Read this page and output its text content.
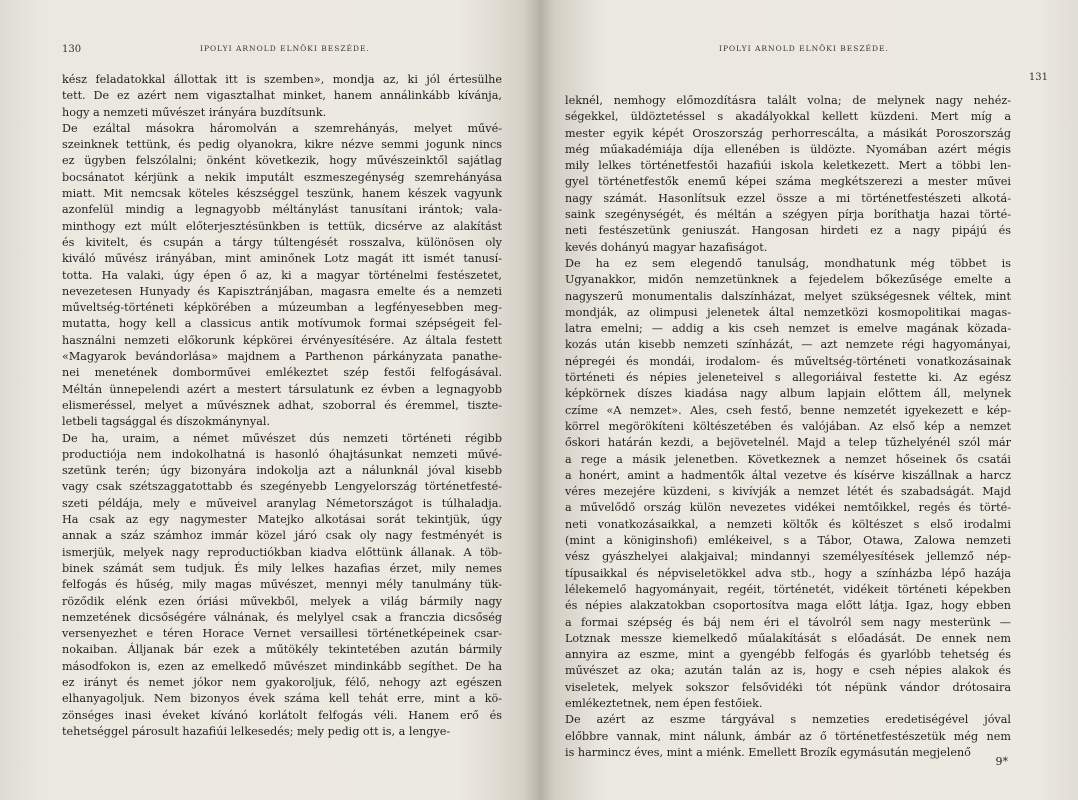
130	IPOLYI ARNOLD ELNÖKI BESZÉDE.
kész feladatokkal állottak itt is szemben», mondja az, ki jól értesülhe
tett. De ez azért nem vigasztalhat minket, hanem annálinkább kívánja,
hogy a nemzeti művészet irányára buzdítsunk.
De ezáltal másokra háromolván a szemrehányás, melyet művé-
szeinknek tettünk, és pedig olyanokra, kikre nézve semmi jogunk nincs
ez ügyben felszólalni; önként következik, hogy művészeinktől sajátlag
bocsánatot kérjünk a nekik imputált eszmeszegénység szemrehányása
miatt. Mit nemcsak köteles készséggel teszünk, hanem készek vagyunk
azonfelül mindig a legnagyobb méltánylást tanusítani irántok; vala-
minthogy ezt múlt előterjesztésünkben is tettük, dicsérve az alakítást
és kivitelt, és csupán a tárgy túltengését rosszalva, különösen oly
kiváló művész irányában, mint aminőnek Lotz magát itt ismét tanusí-
totta. Ha valaki, úgy épen ő az, ki a magyar történelmi festészetet,
nevezetesen Hunyady és Kapisztránjában, magasra emelte és a nemzeti
műveltség-történeti képkörében a múzeumban a legfényesebben meg-
mutatta, hogy kell a classicus antik motívumok formai szépségeit fel-
használni nemzeti előkorunk képkörei érvényesítésére. Az általa festett
«Magyarok bevándorlása» majdnem a Parthenon párkányzata panathe-
nei menetének domborművei emlékeztet szép festői felfogásával.
Méltán ünnepelendi azért a mestert társulatunk ez évben a legnagyobb
elismeréssel, melyet a művésznek adhat, szoborral és éremmel, tiszte-
letbeli tagsággal és díszokmánynyal.
De ha, uraim, a német művészet dús nemzeti történeti régibb
productiója nem indokolhatná is hasonló óhajtásunkat nemzeti művé-
szetünk terén; úgy bizonyára indokolja azt a nálunknál jóval kisebb
vagy csak szétszaggatottabb és szegényebb Lengyelország történetfesté-
szeti példája, mely e műveivel aranylag Németországot is túlhaladja.
Ha csak az egy nagymester Matejko alkotásai sorát tekintjük, úgy
annak a száz számhoz immár közel járó csak oly nagy festményét is
ismerjük, melyek nagy reproductiókban kiadva előttünk állanak. A töb-
binek számát sem tudjuk. És mily lelkes hazafias érzet, mily nemes
felfogás és hűség, mily magas művészet, mennyi mély tanulmány tük-
röződik elénk ezen óriási művekből, melyek a világ bármily nagy
nemzetének dicsőségére válnának, és melylyel csak a franczia dicsőség
versenyezhet e téren Horace Vernet versaillesi történetképeinek csar-
nokaiban. Álljanak bár ezek a műtökély tekintetében azután bármily
másodfokon is, ezen az emelkedő művészet mindinkább segíthet. De ha
ez irányt és nemet jókor nem gyakoroljuk, félő, nehogy azt egészen
elhanyagoljuk. Nem bizonyos évek száma kell tehát erre, mint a kö-
zönséges inasi éveket kívánó korlátolt felfogás véli. Hanem erő és
tehetséggel párosult hazafiúi lelkesedés; mely pedig ott is, a lengye-
IPOLYI ARNOLD ELNÖKI BESZÉDE.
131
leknél, nemhogy előmozdításra talált volna; de melynek nagy nehéz-
ségekkel, üldöztetéssel s akadályokkal kellett küzdeni. Mert míg a
mester egyik képét Oroszország perhorrescálta, a másikát Poroszország
még műakadémiája díja ellenében is üldözte. Nyomában azért mégis
mily lelkes történetfestői hazafiúi iskola keletkezett. Mert a többi len-
gyel történetfestők enemű képei száma megkétszerezi a mester művei
nagy számát. Hasonlítsuk ezzel össze a mi történetfestészeti alkotá-
saink szegénységét, és méltán a szégyen pírja boríthatja hazai törté-
neti festészetünk geniuszát. Hangosan hirdeti ez a nagy pipájú és
kevés dohányú magyar hazafiságot.
De ha ez sem elegendő tanulság, mondhatunk még többet is
Ugyanakkor, midőn nemzetünknek a fejedelem bőkezűsége emelte a
nagyszerű monumentalis dalszínházat, melyet szükségesnek véltek, mint
mondják, az olimpusi jelenetek által nemzetközi kosmopolitikai magas-
latra emelni; — addig a kis cseh nemzet is emelve magának közada-
kozás után kisebb nemzeti színházát, — azt nemzete régi hagyományai,
népregéi és mondái, irodalom- és műveltség-történeti vonatkozásainak
történeti és népies jeleneteivel s allegoriáival festette ki. Az egész
képkörnek díszes kiadása nagy album lapjain előttem áll, melynek
czíme «A nemzet». Ales, cseh festő, benne nemzetét igyekezett e kép-
körrel megörökíteni költészetében és valójában. Az első kép a nemzet
őskori határán kezdi, a bejövetelnél. Majd a telep tűzhelyénél szól már
a rege a másik jelenetben. Következnek a nemzet hőseinek ős csatái
a honért, amint a hadmentők által vezetve és kísérve kiszállnak a harcz
véres mezejére küzdeni, s kivívják a nemzet létét és szabadságát. Majd
a művelődő ország külön nevezetes vidékei nemtőikkel, regés és törté-
neti vonatkozásaikkal, a nemzeti költők és költészet s első irodalmi
(mint a königinshofi) emlékeivel, s a Tábor, Otawa, Zalowa nemzeti
vész gyászhelyei alakjaival; mindannyi személyesítések jellemző nép-
típusaikkal és népviseletökkel adva stb., hogy a színházba lépő hazája
lélekemelő hagyományait, regéit, történetét, vidékeit történeti képekben
és népies alakzatokban csoportosítva maga előtt látja. Igaz, hogy ebben
a formai szépség és báj nem éri el távolról sem nagy mesterünk —
Lotznak messze kiemelkedő műalakítását s előadását. De ennek nem
annyira az eszme, mint a gyengébb felfogás és gyarlóbb tehetség és
művészet az oka; azután talán az is, hogy e cseh népies alakok és
viseletek, melyek sokszor felsővidéki tót népünk vándor drótosaira
emlékeztetnek, nem épen festőiek.
De azért az eszme tárgyával s nemzeties eredetiségével jóval
előbbre vannak, mint nálunk, ámbár az ő történetfestészetük még nem
is harmincz éves, mint a miénk. Emellett Brozík egymásután megjelenő
9*
